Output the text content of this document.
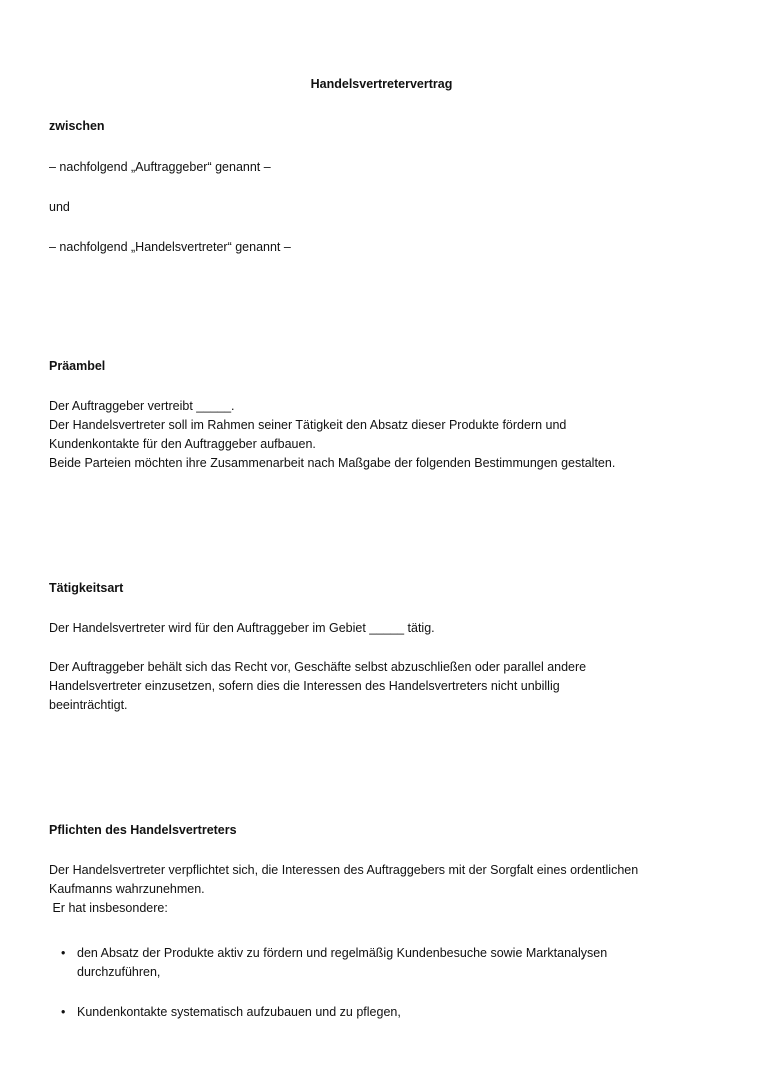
Handelsvertretervertrag
zwischen
– nachfolgend „Auftraggeber“ genannt –
und
– nachfolgend „Handelsvertreter“ genannt –
Präambel
Der Auftraggeber vertreibt _____.
Der Handelsvertreter soll im Rahmen seiner Tätigkeit den Absatz dieser Produkte fördern und
Kundenkontakte für den Auftraggeber aufbauen.
Beide Parteien möchten ihre Zusammenarbeit nach Maßgabe der folgenden Bestimmungen gestalten.
Tätigkeitsart
Der Handelsvertreter wird für den Auftraggeber im Gebiet _____ tätig.
Der Auftraggeber behält sich das Recht vor, Geschäfte selbst abzuschließen oder parallel andere
Handelsvertreter einzusetzen, sofern dies die Interessen des Handelsvertreters nicht unbillig
beeinträchtigt.
Pflichten des Handelsvertreters
Der Handelsvertreter verpflichtet sich, die Interessen des Auftraggebers mit der Sorgfalt eines ordentlichen
Kaufmanns wahrzunehmen.
Er hat insbesondere:
• den Absatz der Produkte aktiv zu fördern und regelmäßig Kundenbesuche sowie Marktanalysen
durchzuführen,
• Kundenkontakte systematisch aufzubauen und zu pflegen,
